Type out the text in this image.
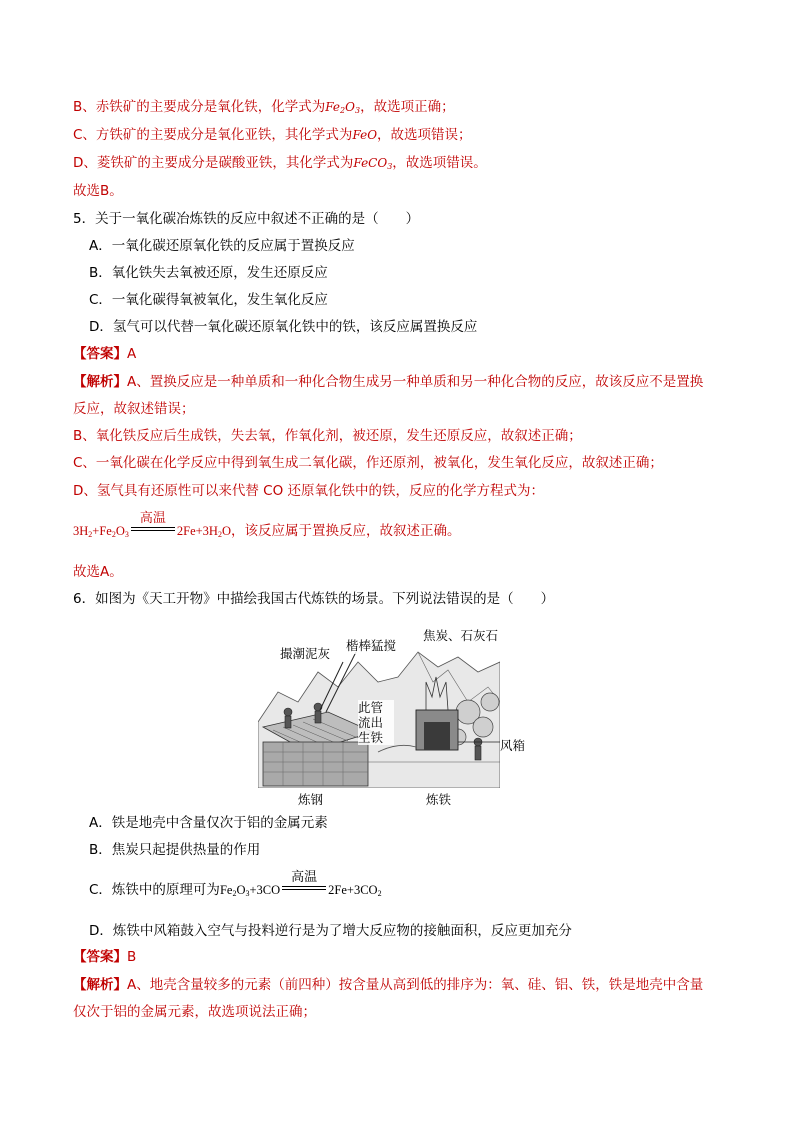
B、赤铁矿的主要成分是氧化铁，化学式为$Fe_2O_3$，故选项正确；
C、方铁矿的主要成分是氧化亚铁，其化学式为FeO，故选项错误；
D、菱铁矿的主要成分是碳酸亚铁，其化学式为FeCO$_3$，故选项错误。
故选B。
5．关于一氧化碳冶炼铁的反应中叙述不正确的是（　　）
A．一氧化碳还原氧化铁的反应属于置换反应
B．氧化铁失去氧被还原，发生还原反应
C．一氧化碳得氧被氧化，发生氧化反应
D．氢气可以代替一氧化碳还原氧化铁中的铁，该反应属置换反应
【答案】A
【解析】A、置换反应是一种单质和一种化合物生成另一种单质和另一种化合物的反应，故该反应不是置换
反应，故叙述错误；
B、氧化铁反应后生成铁，失去氧，作氧化剂，被还原，发生还原反应，故叙述正确；
C、一氧化碳在化学反应中得到氧生成二氧化碳，作还原剂，被氧化，发生氧化反应，故叙述正确；
D、氢气具有还原性可以来代替 CO 还原氧化铁中的铁，反应的化学方程式为：
$3H_2+Fe_2O_3$
高温
$2Fe+3H_2O$，该反应属于置换反应，故叙述正确。
故选A。
6．如图为《天工开物》中描绘我国古代炼铁的场景。下列说法错误的是（　　）
撮潮泥灰
楷棒猛搅
焦炭、石灰石
此管流出生铁
风箱
炼钢	炼铁
A．铁是地壳中含量仅次于铝的金属元素
B．焦炭只起提供热量的作用
C．炼铁中的原理可为$Fe_2O_3+3CO$
高温
$2Fe+3CO_2$
D．炼铁中风箱鼓入空气与投料逆行是为了增大反应物的接触面积，反应更加充分
【答案】B
【解析】A、地壳含量较多的元素（前四种）按含量从高到低的排序为：氧、硅、铝、铁，铁是地壳中含量
仅次于铝的金属元素，故选项说法正确；
